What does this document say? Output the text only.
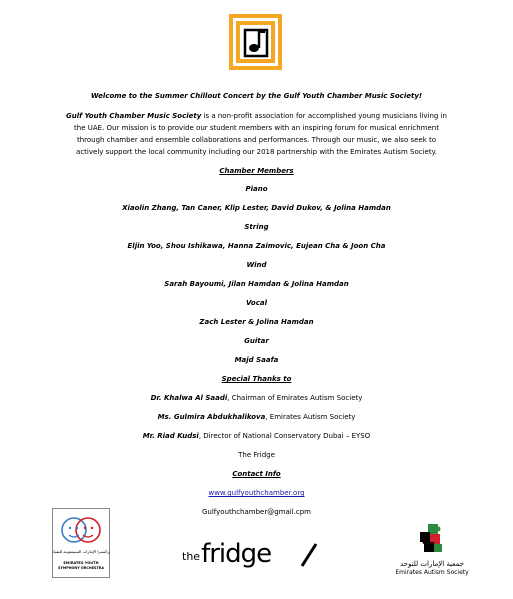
Welcome to the Summer Chillout Concert by the Gulf Youth Chamber Music Society!
Gulf Youth Chamber Music Society is a non-profit association for accomplished young musicians living in
the UAE. Our mission is to provide our student members with an inspiring forum for musical enrichment
through chamber and ensemble collaborations and performances. Through our music, we also seek to
actively support the local community including our 2018 partnership with the Emirates Autism Society.
Chamber Members
Piano
Xiaolin Zhang, Tan Caner, Klip Lester, David Dukov, & Jolina Hamdan
String
Eljin Yoo, Shou Ishikawa, Hanna Zaimovic, Eujean Cha & Joon Cha
Wind
Sarah Bayoumi, Jilan Hamdan & Jolina Hamdan
Vocal
Zach Lester & Jolina Hamdan
Guitar
Majd Saafa
Special Thanks to
Dr. Khalwa Al Saadi, Chairman of Emirates Autism Society
Ms. Gulmira Abdukhalikova, Emirates Autism Society
Mr. Riad Kudsi, Director of National Conservatory Dubai – EYSO
The Fridge
Contact Info
www.gulfyouthchamber.org
Gulfyouthchamber@gmail.cpm
أوركسترا الإمارات السيمفونية للشباب
EMIRATES YOUTH
SYMPHONY ORCHESTRA
thefridge	جمعية الإمارات للتوحد
Emirates Autism Society
